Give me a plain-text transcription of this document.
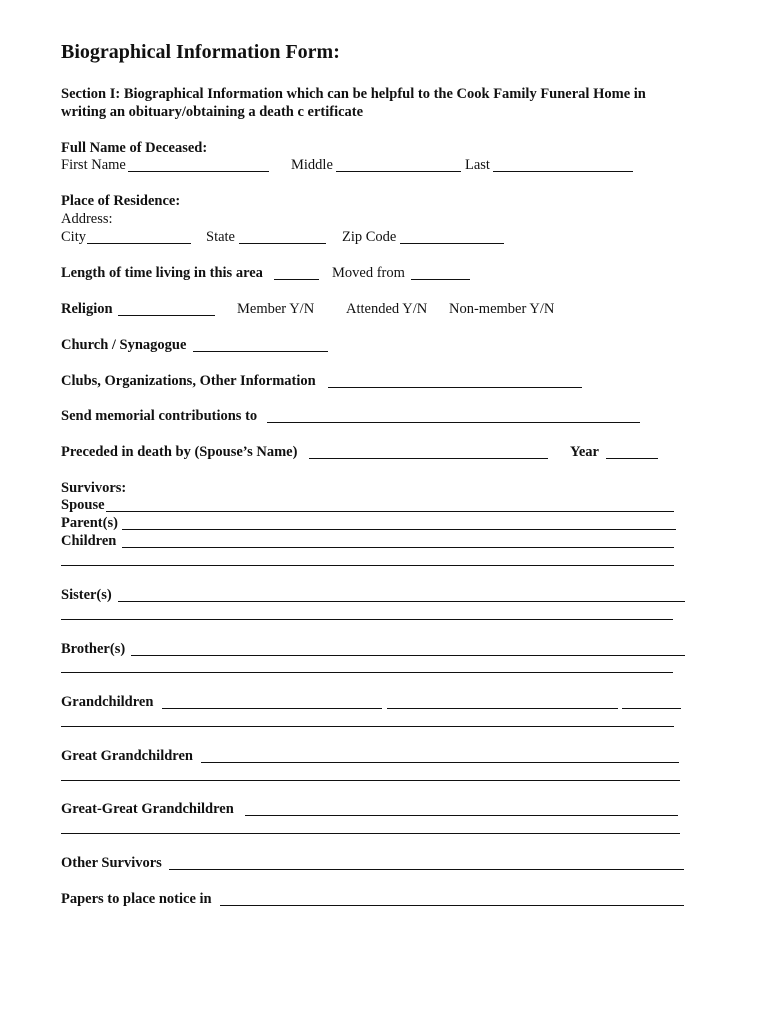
Biographical Information Form:
Section I: Biographical Information which can be helpful to the Cook Family Funeral Home in
writing an obituary/obtaining a death c ertificate
Full Name of Deceased:
First Name	Middle	Last
Place of Residence:
Address:
City	State	Zip Code
Length of time living in this area	Moved from
Religion	Member Y/N Attended Y/N Non-member Y/N
Church / Synagogue
Clubs, Organizations, Other Information
Send memorial contributions to
Preceded in death by (Spouse’s Name)	Year
Survivors:
Spouse
Parent(s)
Children
Sister(s)
Brother(s)
Grandchildren
Great Grandchildren
Great-Great Grandchildren
Other Survivors
Papers to place notice in
